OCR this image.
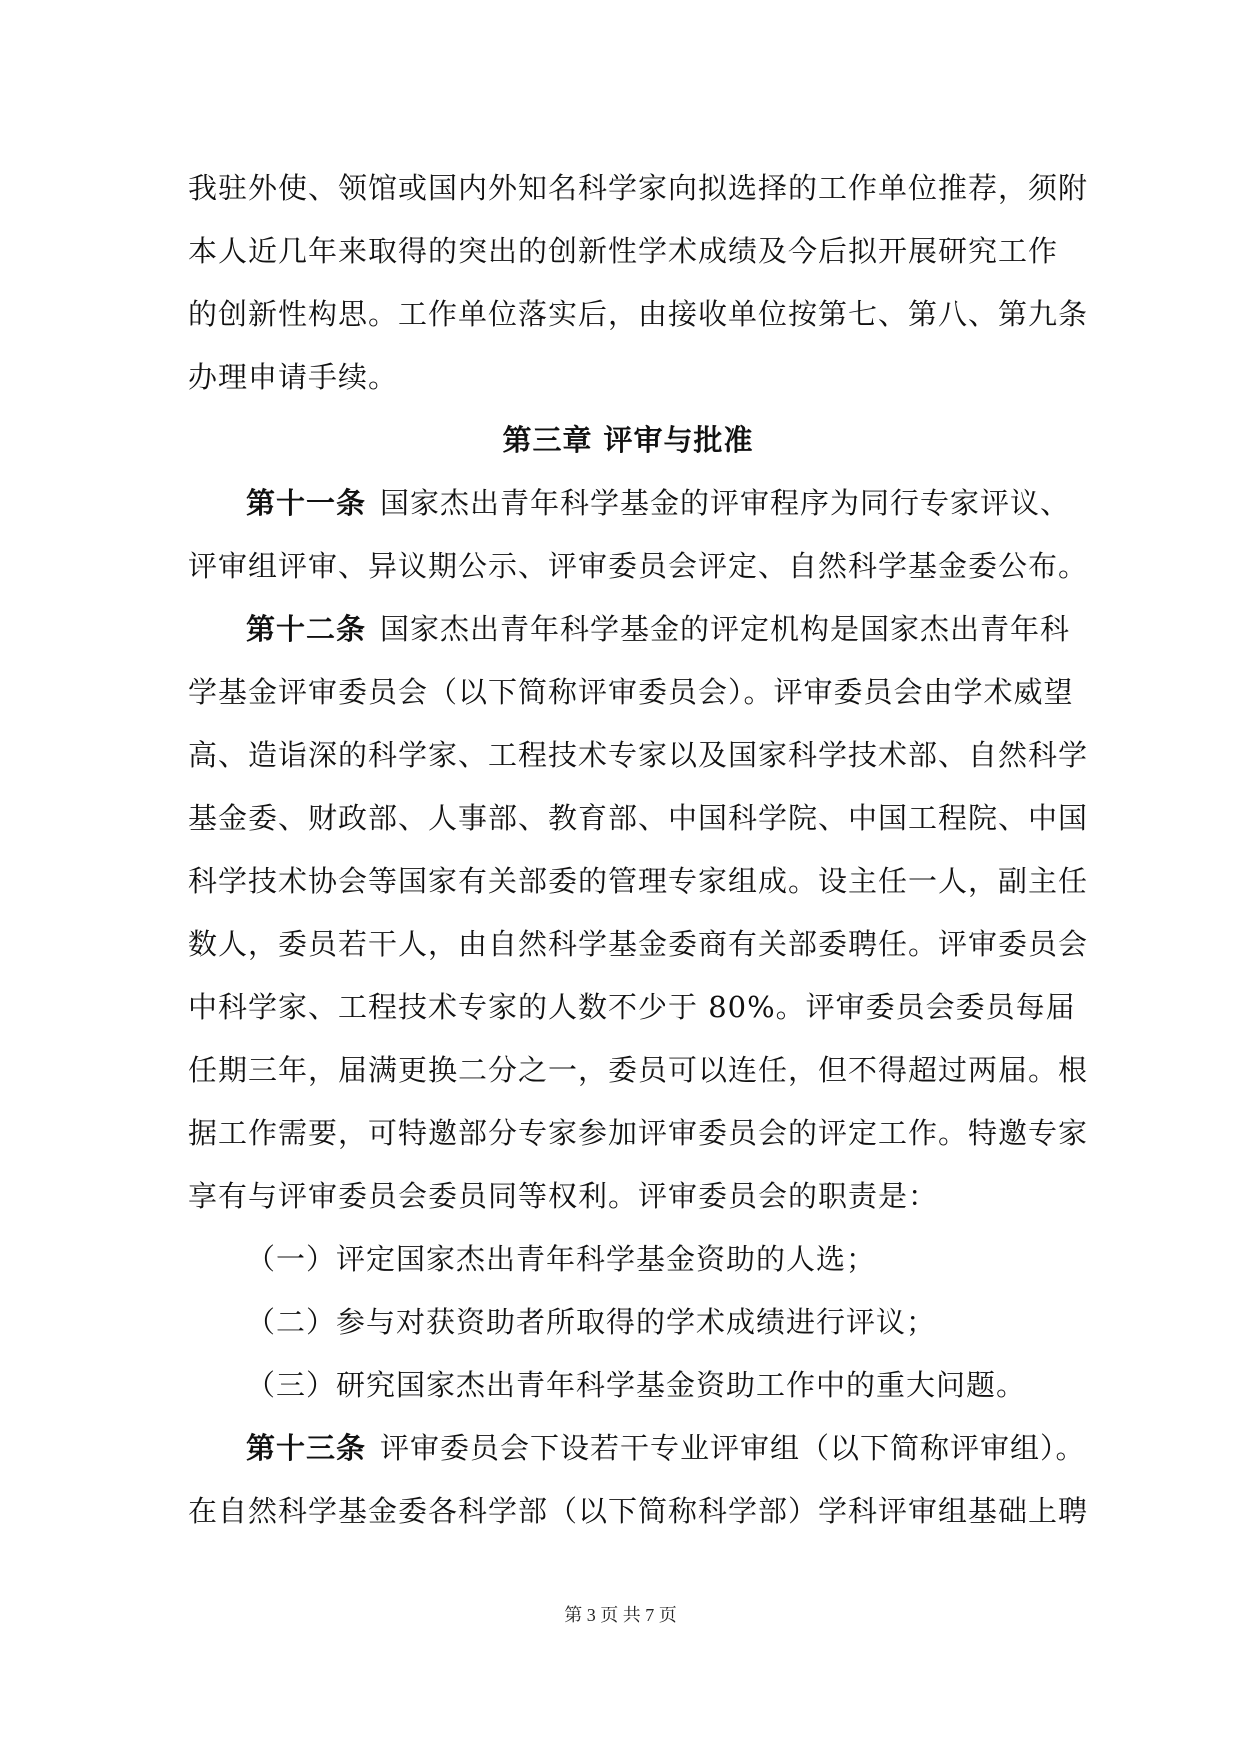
我驻外使、领馆或国内外知名科学家向拟选择的工作单位推荐，须附
本人近几年来取得的突出的创新性学术成绩及今后拟开展研究工作
的创新性构思。工作单位落实后，由接收单位按第七、第八、第九条
办理申请手续。
第三章 评审与批准
第十一条 国家杰出青年科学基金的评审程序为同行专家评议、
评审组评审、异议期公示、评审委员会评定、自然科学基金委公布。
第十二条 国家杰出青年科学基金的评定机构是国家杰出青年科
学基金评审委员会（以下简称评审委员会）。评审委员会由学术威望
高、造诣深的科学家、工程技术专家以及国家科学技术部、自然科学
基金委、财政部、人事部、教育部、中国科学院、中国工程院、中国
科学技术协会等国家有关部委的管理专家组成。设主任一人，副主任
数人，委员若干人，由自然科学基金委商有关部委聘任。评审委员会
中科学家、工程技术专家的人数不少于 80%。评审委员会委员每届
任期三年，届满更换二分之一，委员可以连任，但不得超过两届。根
据工作需要，可特邀部分专家参加评审委员会的评定工作。特邀专家
享有与评审委员会委员同等权利。评审委员会的职责是：
（一）评定国家杰出青年科学基金资助的人选；
（二）参与对获资助者所取得的学术成绩进行评议；
（三）研究国家杰出青年科学基金资助工作中的重大问题。
第十三条 评审委员会下设若干专业评审组（以下简称评审组）。
在自然科学基金委各科学部（以下简称科学部）学科评审组基础上聘
第 3 页 共 7 页
